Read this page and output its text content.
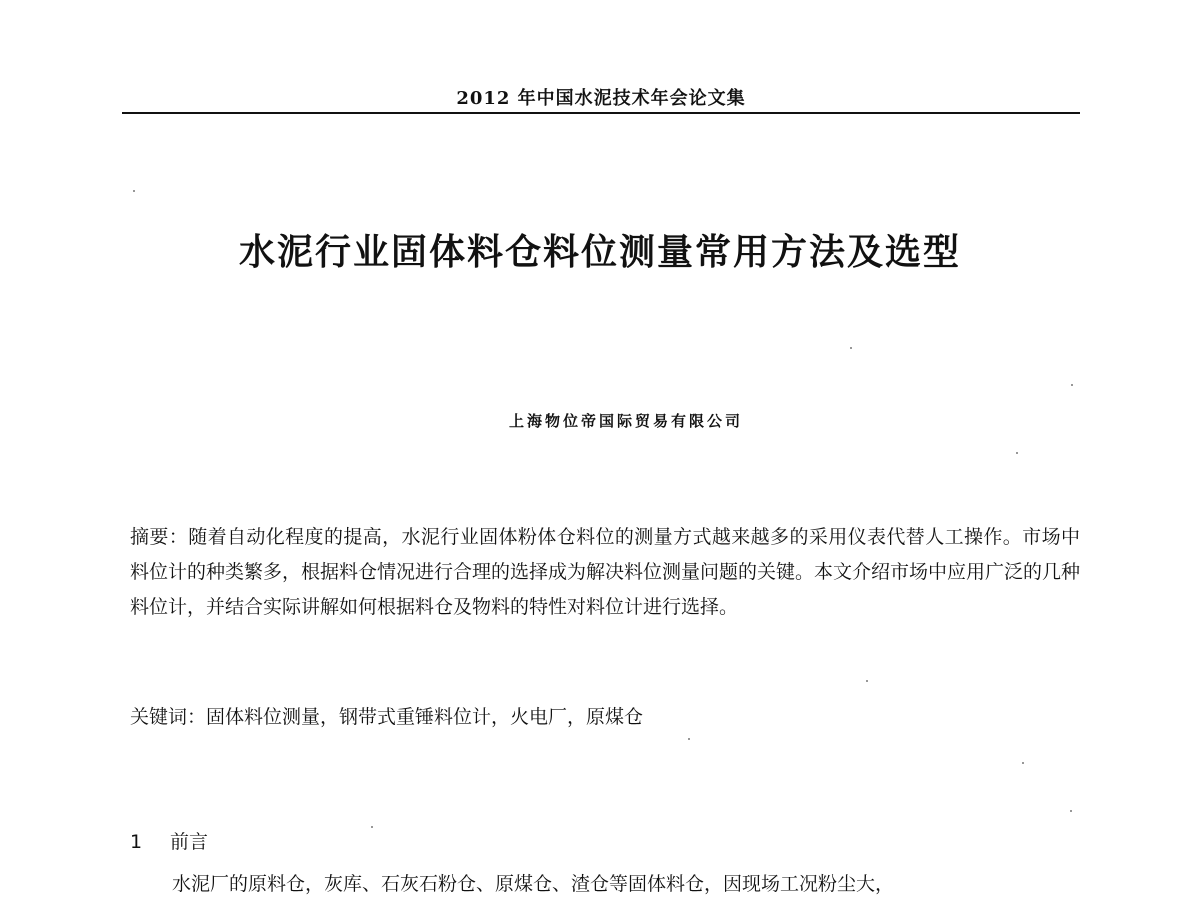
2012 年中国水泥技术年会论文集
水泥行业固体料仓料位测量常用方法及选型
上海物位帝国际贸易有限公司
摘要：随着自动化程度的提高，水泥行业固体粉体仓料位的测量方式越来越多的采用仪表代替人工操作。市场中料位计的种类繁多，根据料仓情况进行合理的选择成为解决料位测量问题的关键。本文介绍市场中应用广泛的几种料位计，并结合实际讲解如何根据料仓及物料的特性对料位计进行选择。
关键词：固体料位测量，钢带式重锤料位计，火电厂，原煤仓
1 前言
水泥厂的原料仓，灰库、石灰石粉仓、原煤仓、渣仓等固体料仓，因现场工况粉尘大，
